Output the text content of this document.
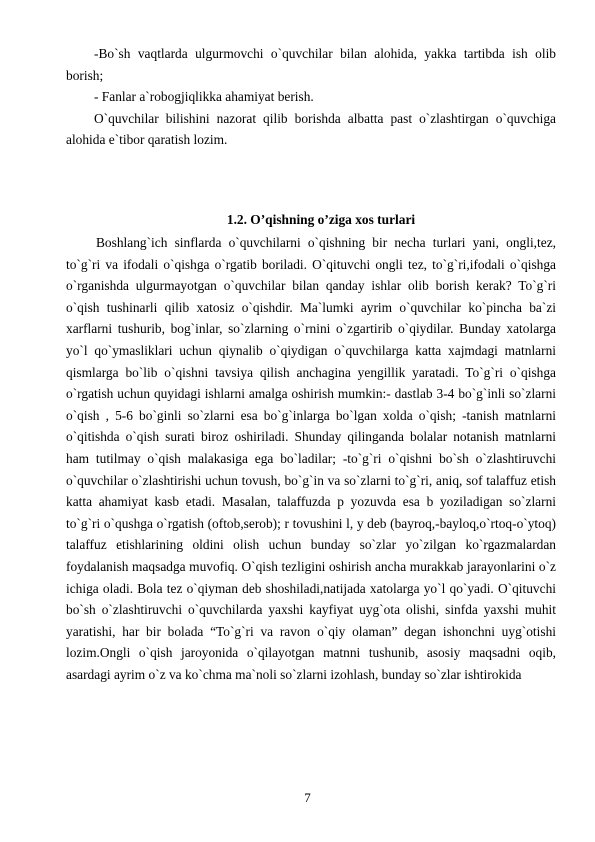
-Bo`sh vaqtlarda ulgurmovchi o`quvchilar bilan alohida, yakka tartibda ish olib borish;

- Fanlar a`robogjiqlikka ahamiyat berish.

O`quvchilar bilishini nazorat qilib borishda albatta past o`zlashtirgan o`quvchiga alohida e`tibor qaratish lozim.

1.2. O’qishning o’ziga xos turlari

Boshlang`ich sinflarda o`quvchilarni o`qishning bir necha turlari yani, ongli,tez, to`g`ri va ifodali o`qishga o`rgatib boriladi. O`qituvchi ongli tez, to`g`ri,ifodali o`qishga o`rganishda ulgurmayotgan o`quvchilar bilan qanday ishlar olib borish kerak? To`g`ri o`qish tushinarli qilib xatosiz o`qishdir. Ma`lumki ayrim o`quvchilar ko`pincha ba`zi xarflarni tushurib, bog`inlar, so`zlarning o`rnini o`zgartirib o`qiydilar. Bunday xatolarga yo`l qo`ymasliklari uchun qiynalib o`qiydigan o`quvchilarga katta xajmdagi matnlarni qismlarga bo`lib o`qishni tavsiya qilish anchagina yengillik yaratadi. To`g`ri o`qishga o`rgatish uchun quyidagi ishlarni amalga oshirish mumkin:- dastlab 3-4 bo`g`inli so`zlarni o`qish , 5-6 bo`ginli so`zlarni esa bo`g`inlarga bo`lgan xolda o`qish; -tanish matnlarni o`qitishda o`qish surati biroz oshiriladi. Shunday qilinganda bolalar notanish matnlarni ham tutilmay o`qish malakasiga ega bo`ladilar; -to`g`ri o`qishni bo`sh o`zlashtiruvchi o`quvchilar o`zlashtirishi uchun tovush, bo`g`in va so`zlarni to`g`ri, aniq, sof talaffuz etish katta ahamiyat kasb etadi. Masalan, talaffuzda p yozuvda esa b yoziladigan so`zlarni to`g`ri o`qushga o`rgatish (oftob,serob); r tovushini l, y deb (bayroq,-bayloq,o`rtoq-o`ytoq) talaffuz etishlarining oldini olish uchun bunday so`zlar yo`zilgan ko`rgazmalardan foydalanish maqsadga muvofiq. O`qish tezligini oshirish ancha murakkab jarayonlarini o`z ichiga oladi. Bola tez o`qiyman deb shoshiladi,natijada xatolarga yo`l qo`yadi. O`qituvchi bo`sh o`zlashtiruvchi o`quvchilarda yaxshi kayfiyat uyg`ota olishi, sinfda yaxshi muhit yaratishi, har bir bolada “To`g`ri va ravon o`qiy olaman” degan ishonchni uyg`otishi lozim.Ongli o`qish jaroyonida o`qilayotgan matnni tushunib, asosiy maqsadni oqib, asardagi ayrim o`z va ko`chma ma`noli so`zlarni izohlash, bunday so`zlar ishtirokida

7
